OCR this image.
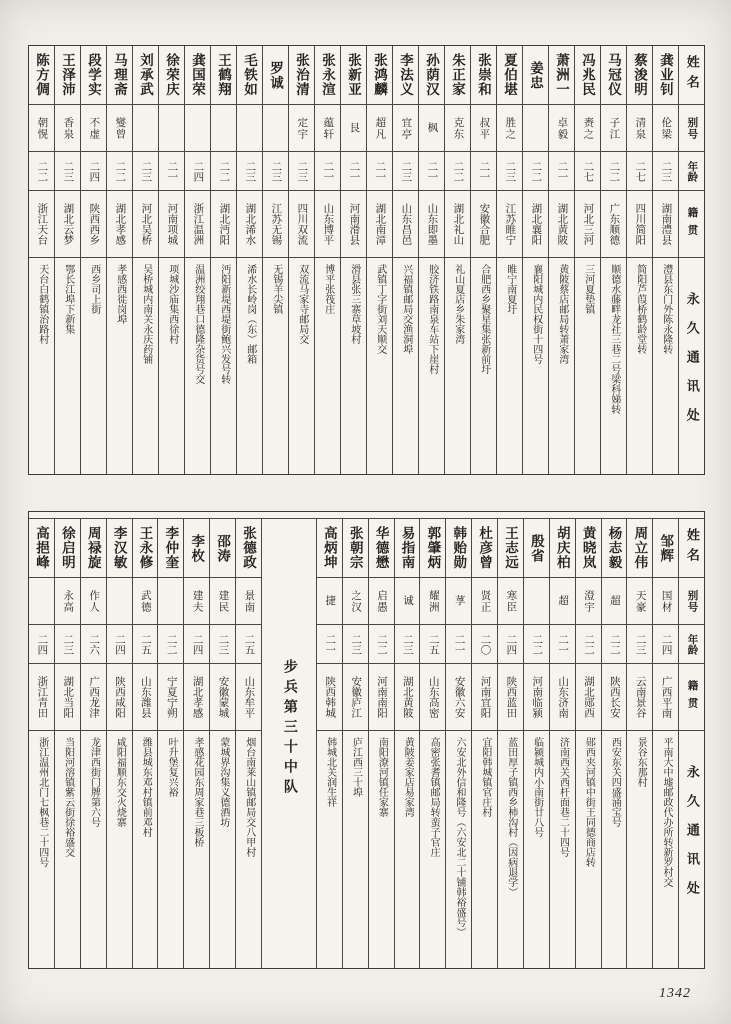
姓名
别号
年龄
籍贯
永久通讯处
龚业钊
伦梁
二三
湖南澧县
澧县东门外陈永隆转
蔡浚明
清泉
二七
四川简阳
简阳芦葭桥鹤龄堂转
马冠仪
子江
二二
广东顺德
顺德水藤畔龙社三巷二号梁科娣转
冯兆民
赉之
二七
河北三河
三河夏垫镇
萧洲一
卓毅
二一
湖北黄陂
黄陂蔡店邮局转萧家湾
姜忠
二二
湖北襄阳
襄阳城内民权街十四号
夏伯堪
胜之
二三
江苏睢宁
睢宁南夏圩
张崇和
叔平
二一
安徽合肥
合肥西乡聚星集张新前圩
朱正家
克东
二二
湖北礼山
礼山夏店乡朱家湾
孙荫汉
枫
二一
山东即墨
胶济铁路南泉车站下崖村
李法义
宜亭
二三
山东昌邑
兴福镇邮局交渔洞埠
张鸿麟
超凡
二一
湖北南漳
武镇丁字街刘天顺交
张新亚
艮
二一
河南滑县
滑县张三寨草坡村
张永渲
蕴轩
二一
山东博平
博平张筏庄
张治清
定宇
二三
四川双流
双流马家寺邮局交
罗诚
二三
江苏无锡
无锡羊尖镇
毛铁如
二三
湖北浠水
浠水长岭岗（东）邮箱
王鹤翔
二二
湖北沔阳
沔阳新堤西堤街鲍兴发号转
龚国荣
二四
浙江温洲
温洲绞翔巷口德隆杂货号交
徐荣庆
二一
河南项城
项城沙庙集西徐村
刘承武
二三
河北吴桥
吴桥城内南关永庆药铺
马理斋
燮曾
二二
湖北孝感
孝感西徙岗埠
段学实
不虚
二四
陕西西乡
西乡司上街
王泽沛
香泉
二三
湖北云梦
鄂长江埠下新集
陈方倜
朝愰
二二
浙江天台
天台白鹤镇治路村
姓名
别号
年龄
籍贯
永久通讯处
邹辉
国材
二四
广西平南
平南大中墟邮政代办所转新罗村交
周立伟
天豪
二三
云南景谷
景谷东那村
杨志毅
超
二二
陕西长安
西安东关四盛涌宝号
黄晓岚
澄宇
二二
湖北郧西
郧西夹河镇中街王同德商店转
胡庆柏
超
二一
山东济南
济南西关西杆面巷二十四号
殷省
二二
河南临颍
临颍城内小南街廿八号
王志远
寒臣
二四
陕西蓝田
蓝田厚子镇西乡柿沟村（因病退学）
杜彦曾
贤正
二〇
河南宜阳
宜阳韩城镇官庄村
韩贻勋
莩
二一
安徽六安
六安北外信和隆号（六安北二十铺韩裕盛号）
郭肇炳
耀洲
二五
山东高密
高密张耆镇邮局转蛮子官庄
易指南
诚
二三
湖北黄陂
黄陂姜家店易家湾
华德懋
启愚
二二
河南南阳
南阳潦河镇任家寨
张朝宗
之汉
二三
安徽庐江
庐江西三十埠
高炳坤
捷
二一
陕西韩城
韩城北关润生祥
步兵第三十中队
张德政
景南
二五
山东牟平
烟台南莱山镇邮局交八甲村
邵涛
建民
二三
安徽蒙城
蒙城界沟集义德酒坊
李枚
建夫
二四
湖北孝感
孝感花园东周家巷三板桥
李仲奎
二二
宁夏宁朔
叶升堡复兴裕
王永修
武德
二五
山东潍县
潍县城东邓村镇前邓村
李汉敏
二四
陕西咸阳
咸阳福顺东交火烧寨
周禄旋
作人
二六
广西龙津
龙津西街门牌第六号
徐启明
永高
二三
湖北当阳
当阳河溶镇紫云街徐裕盛交
高挹峰
二四
浙江青田
浙江温州北门七枫巷二十四号
1342
